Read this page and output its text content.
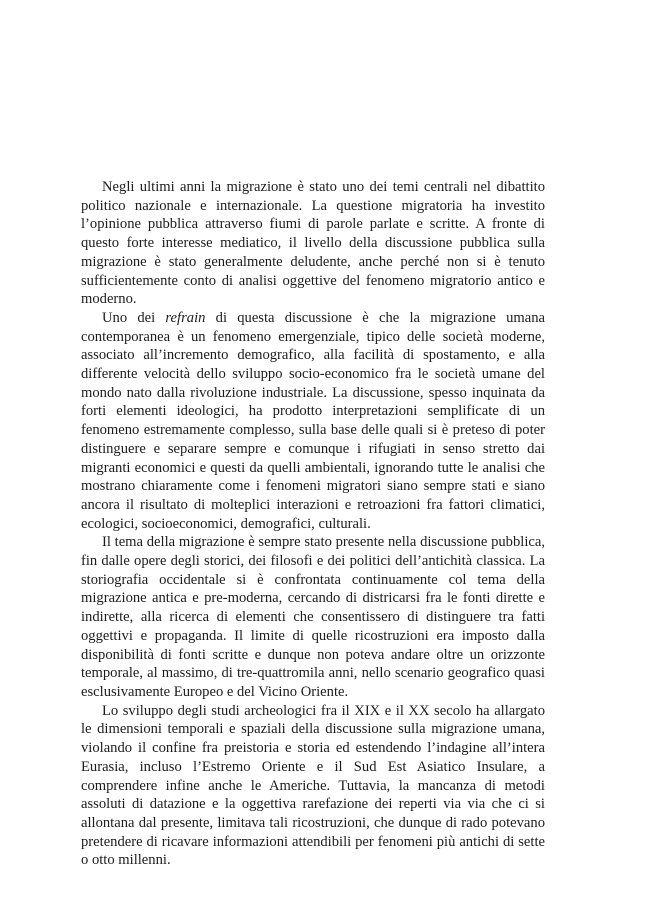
Negli ultimi anni la migrazione è stato uno dei temi centrali nel dibattito politico nazionale e internazionale. La questione migratoria ha investito l’opinione pubblica attraverso fiumi di parole parlate e scritte. A fronte di questo forte interesse mediatico, il livello della discussione pubblica sulla migrazione è stato generalmente deludente, anche perché non si è tenuto sufficientemente conto di analisi oggettive del fenomeno migratorio antico e moderno.

Uno dei refrain di questa discussione è che la migrazione umana contemporanea è un fenomeno emergenziale, tipico delle società moderne, associato all’incremento demografico, alla facilità di spostamento, e alla differente velocità dello sviluppo socio-economico fra le società umane del mondo nato dalla rivoluzione industriale. La discussione, spesso inquinata da forti elementi ideologici, ha prodotto interpretazioni semplificate di un fenomeno estremamente complesso, sulla base delle quali si è preteso di poter distinguere e separare sempre e comunque i rifugiati in senso stretto dai migranti economici e questi da quelli ambientali, ignorando tutte le analisi che mostrano chiaramente come i fenomeni migratori siano sempre stati e siano ancora il risultato di molteplici interazioni e retroazioni fra fattori climatici, ecologici, socioeconomici, demografici, culturali.

Il tema della migrazione è sempre stato presente nella discussione pubblica, fin dalle opere degli storici, dei filosofi e dei politici dell’antichità classica. La storiografia occidentale si è confrontata continuamente col tema della migrazione antica e pre-moderna, cercando di districarsi fra le fonti dirette e indirette, alla ricerca di elementi che consentissero di distinguere tra fatti oggettivi e propaganda. Il limite di quelle ricostruzioni era imposto dalla disponibilità di fonti scritte e dunque non poteva andare oltre un orizzonte temporale, al massimo, di tre-quattromila anni, nello scenario geografico quasi esclusivamente Europeo e del Vicino Oriente.

Lo sviluppo degli studi archeologici fra il XIX e il XX secolo ha allargato le dimensioni temporali e spaziali della discussione sulla migrazione umana, violando il confine fra preistoria e storia ed estendendo l’indagine all’intera Eurasia, incluso l’Estremo Oriente e il Sud Est Asiatico Insulare, a comprendere infine anche le Americhe. Tuttavia, la mancanza di metodi assoluti di datazione e la oggettiva rarefazione dei reperti via via che ci si allontana dal presente, limitava tali ricostruzioni, che dunque di rado potevano pretendere di ricavare informazioni attendibili per fenomeni più antichi di sette o otto millenni.
